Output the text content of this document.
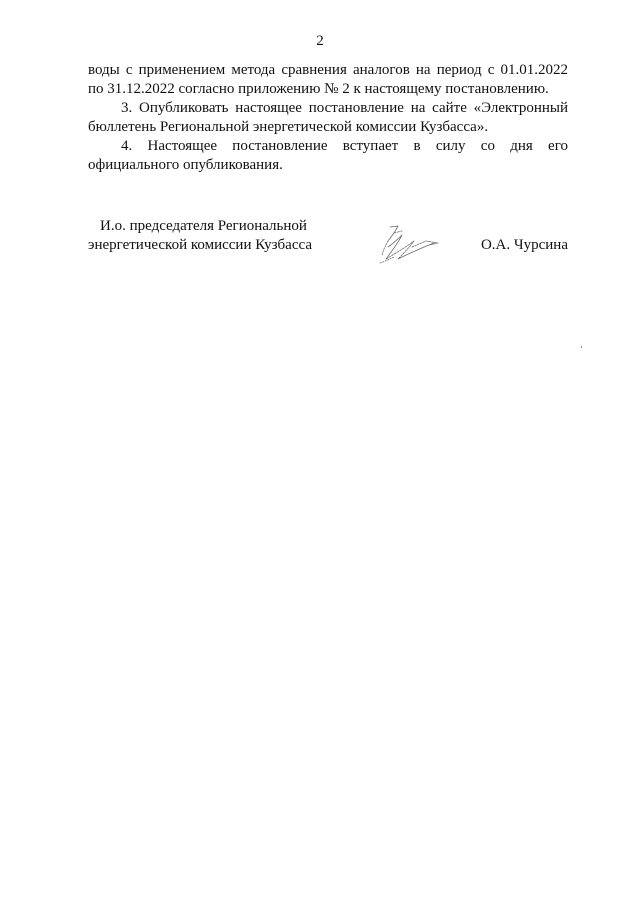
2

воды с применением метода сравнения аналогов на период с 01.01.2022
по 31.12.2022 согласно приложению № 2 к настоящему постановлению.

3. Опубликовать настоящее постановление на сайте «Электронный
бюллетень Региональной энергетической комиссии Кузбасса».

4. Настоящее постановление вступает в силу со дня его
официального опубликования.

И.о. председателя Региональной
энергетической комиссии Кузбасса	О.А. Чурсина
